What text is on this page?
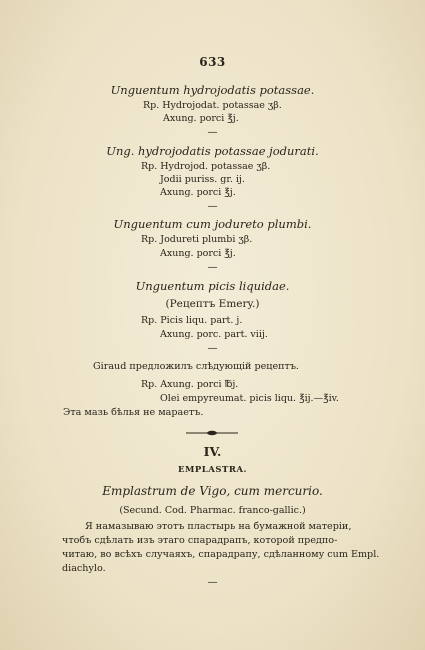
633
Unguentum hydrojodatis potassae.
Rp. Hydrojodat. potassae ʒβ.
Axung. porci ℥j.
—
Ung. hydrojodatis potassae jodurati.
Rp. Hydrojod. potassae ʒβ.
Jodii puriss. gr. ij.
Axung. porci ℥j.
—
Unguentum cum jodureto plumbi.
Rp. Jodureti plumbi ʒβ.
Axung. porci ℥j.
—
Unguentum picis liquidae.
(Рецептъ Emery.)
Rp. Picis liqu. part. j.
Axung. porc. part. viij.
—
Giraud предложилъ слѣдующій рецептъ.
Rp. Axung. porci ℔j.
Olei empyreumat. picis liqu. ℥ij.—℥iv.
Эта мазь бѣлья не мараетъ.
IV.
EMPLASTRA.
Emplastrum de Vigo, cum mercurio.
(Secund. Cod. Pharmac. franco-gallic.)
Я намазываю этотъ пластырь на бумажной матеріи,
чтобъ сдѣлать изъ этаго спарадрапъ, которой предпо-
читаю, во всѣхъ случаяхъ, спарадрапу, сдѣланному cum Empl.
diachylo.
—
